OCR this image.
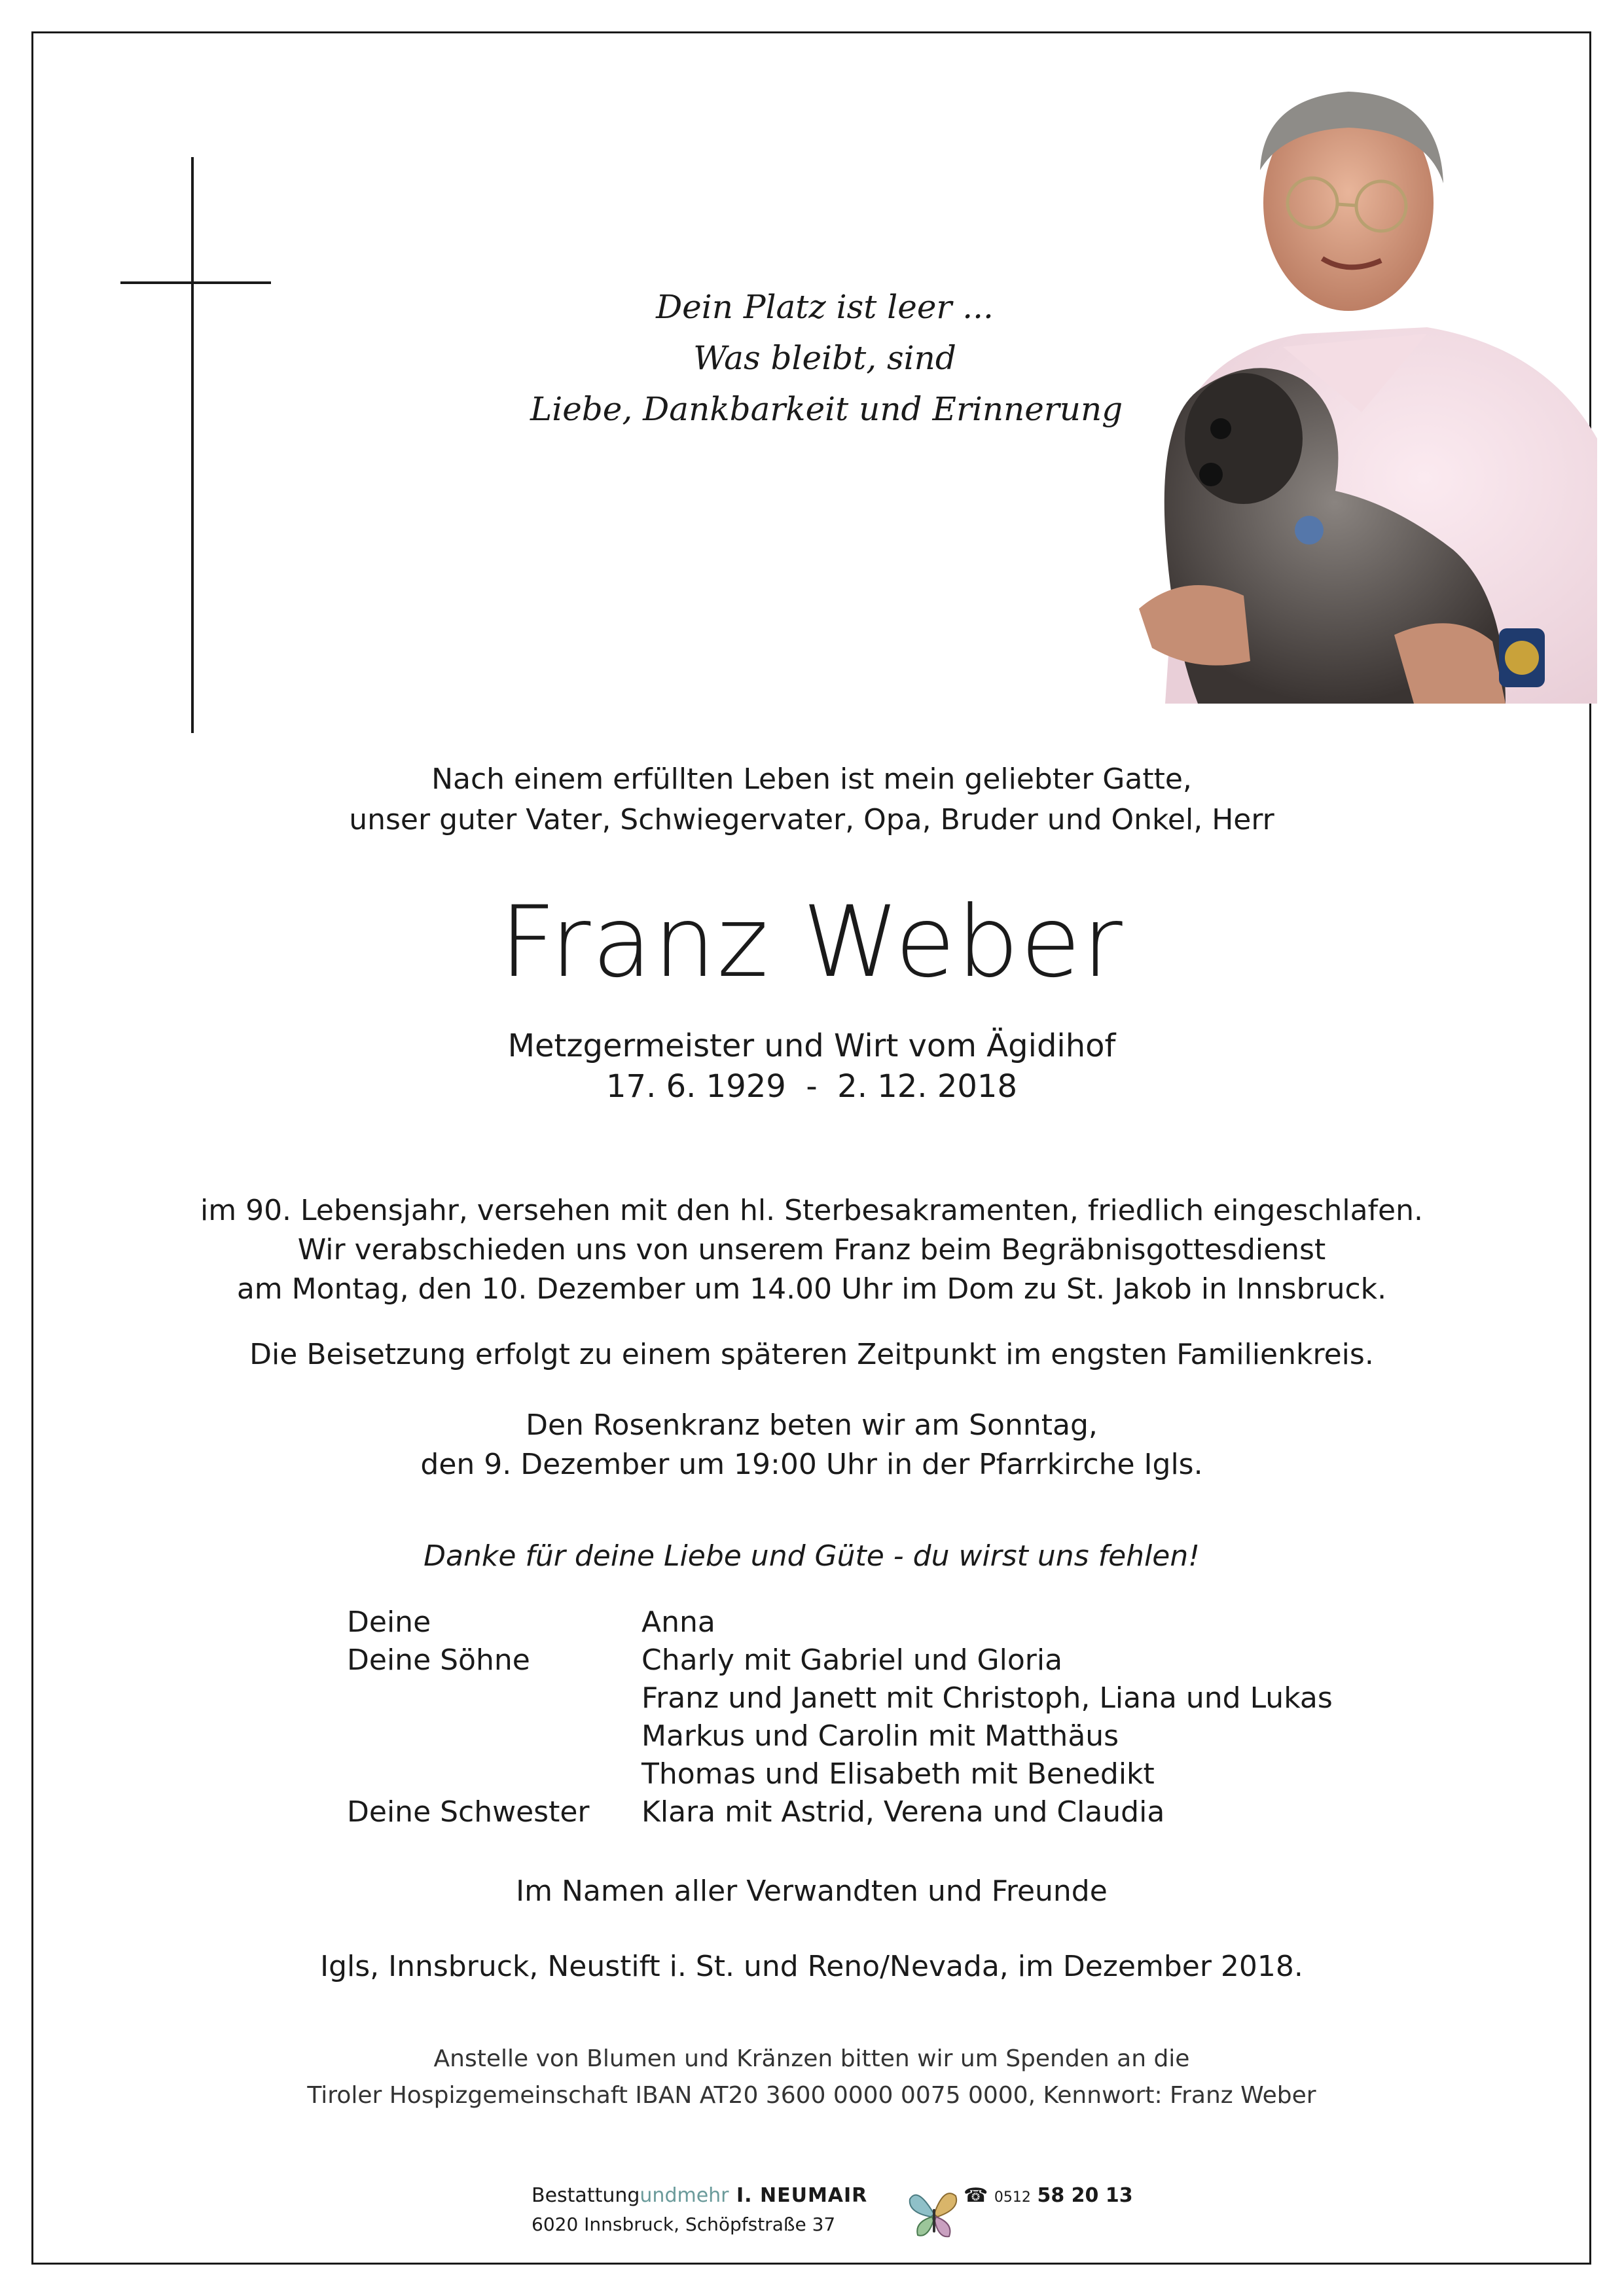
Dein Platz ist leer ...
Was bleibt, sind
Liebe, Dankbarkeit und Erinnerung
Nach einem erfüllten Leben ist mein geliebter Gatte,
unser guter Vater, Schwiegervater, Opa, Bruder und Onkel, Herr
Franz Weber
Metzgermeister und Wirt vom Ägidihof
17. 6. 1929  -  2. 12. 2018
im 90. Lebensjahr, versehen mit den hl. Sterbesakramenten, friedlich eingeschlafen.
Wir verabschieden uns von unserem Franz beim Begräbnisgottesdienst
am Montag, den 10. Dezember um 14.00 Uhr im Dom zu St. Jakob in Innsbruck.
Die Beisetzung erfolgt zu einem späteren Zeitpunkt im engsten Familienkreis.
Den Rosenkranz beten wir am Sonntag,
den 9. Dezember um 19:00 Uhr in der Pfarrkirche Igls.
Danke für deine Liebe und Güte - du wirst uns fehlen!
Deine	Anna
Deine Söhne	Charly mit Gabriel und Gloria
Franz und Janett mit Christoph, Liana und Lukas
Markus und Carolin mit Matthäus
Thomas und Elisabeth mit Benedikt
Deine Schwester	Klara mit Astrid, Verena und Claudia
Im Namen aller Verwandten und Freunde
Igls, Innsbruck, Neustift i. St. und Reno/Nevada, im Dezember 2018.
Anstelle von Blumen und Kränzen bitten wir um Spenden an die
Tiroler Hospizgemeinschaft IBAN AT20 3600 0000 0075 0000, Kennwort: Franz Weber
Bestattungundmehr I. NEUMAIR
6020 Innsbruck, Schöpfstraße 37
☎ 0512 58 20 13
